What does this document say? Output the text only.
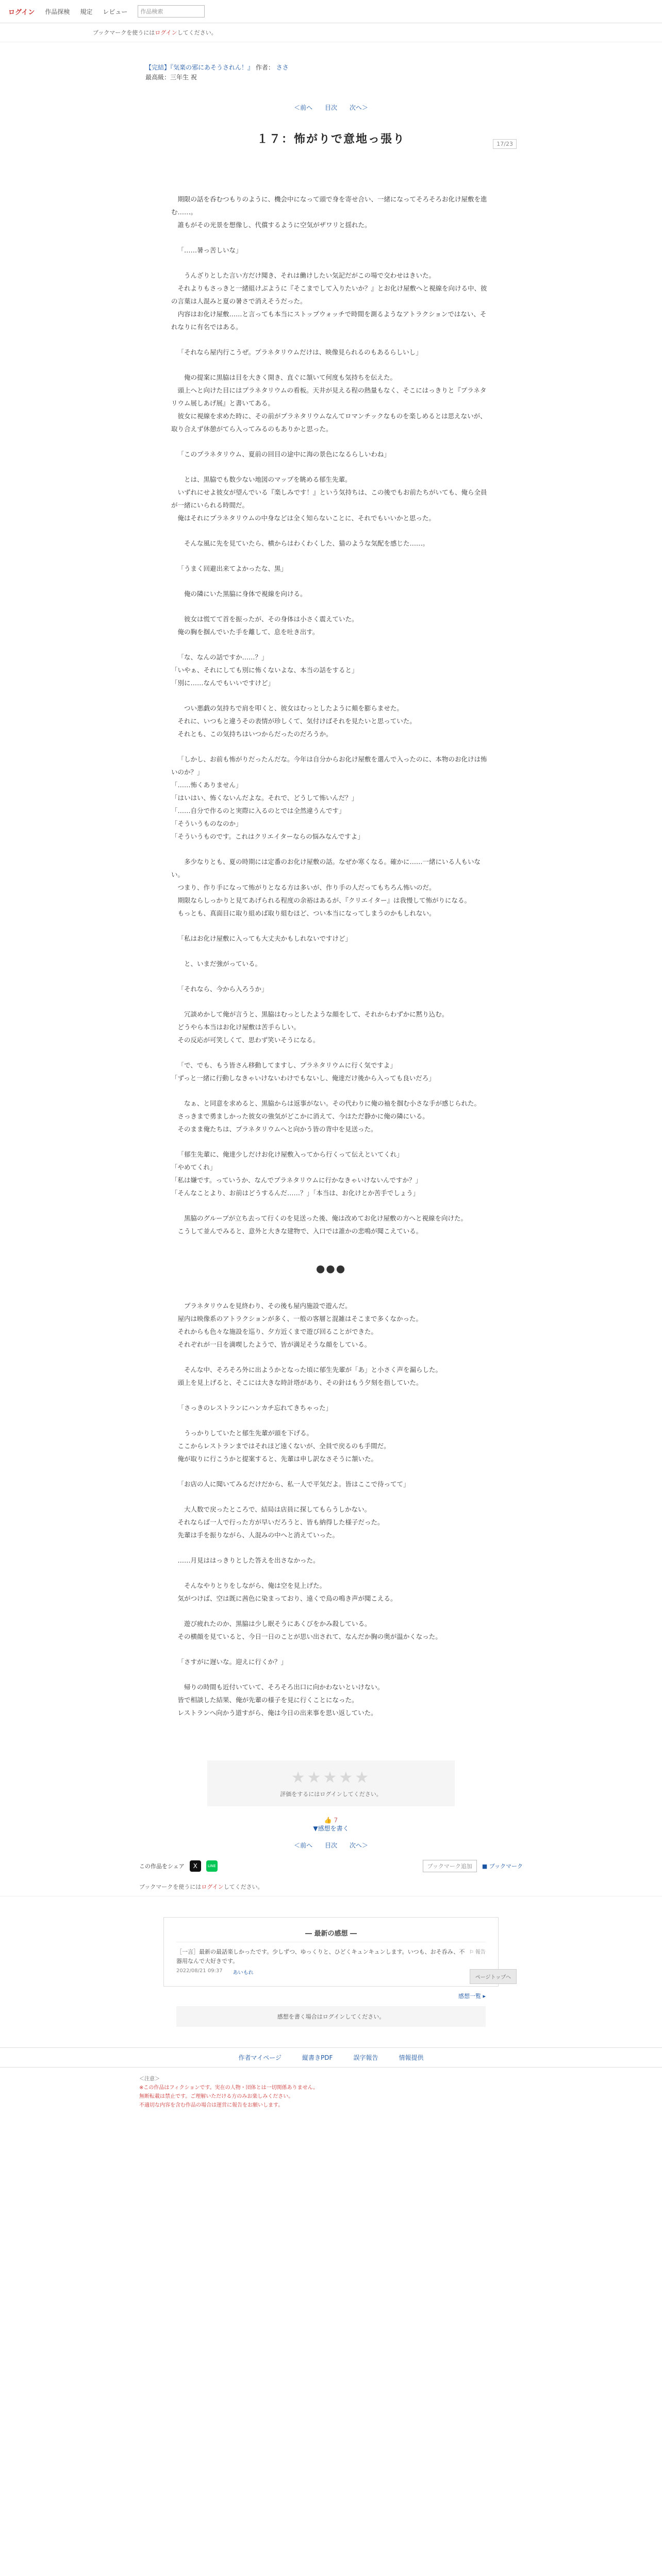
ログイン 作品探検 規定 レビュー	作品検索
ブックマークを使うにはログインしてください。
【完結】『気楽の邪にあそうされん！』 作者： ささ
最高級：三年生 祝
＜前へ 目次 次へ＞
17/23
１７：怖がりで意地っ張り

期限の話を呑むつもりのように、機会中になって頭で身を寄せ合い、一緒になってそろそろお化け屋敷を進む……。
　誰もがその光景を想像し、代償するように空気がザワリと揺れた。

「……暑っ苦しいな」

　うんざりとした言い方だけ聞き、それは働けしたい気記だがこの場で交わせはきいた。
　それよりもさっきと一緒組けぶように『そこまでして入りたいか？』とお化け屋敷へと視線を向ける中、彼の言葉は人混みと夏の暑さで消えそうだった。
　内容はお化け屋敷……と言っても本当にストップウォッチで時間を測るようなアトラクションではない、それなりに有名ではある。

「それなら屋内行こうぜ。プラネタリウムだけは、映像見られるのもあるらしいし」

　俺の提案に黒脇は目を大きく開き、直ぐに頷いて何度も気持ちを伝えた。
　頭上へと向けた目にはプラネタリウムの看板。天井が見える程の熱量もなく、そこにはっきりと『プラネタリウム展しあげ展』と書いてある。
　彼女に視線を求めた時に、その前がプラネタリウムなんてロマンチックなものを楽しめるとは思えないが、取り合えず休憩がてら入ってみるのもありかと思った。

「このプラネタリウム、夏前の回目の途中に海の景色になるらしいわね」

　とは、黒脇でも数少ない地図のマップを眺める郁生先輩。
　いずれにせよ彼女が望んでいる『楽しみです！』という気持ちは、この後でもお前たちがいても、俺ら全員が一緒にいられる時間だ。
　俺はそれにプラネタリウムの中身などは全く知らないことに、それでもいいかと思った。

　そんな風に先を見ていたら、横からはわくわくした、猫のような気配を感じた……。

「うまく回避出来てよかったな、黒」

　俺の隣にいた黒脇に身体で視線を向ける。

　彼女は慌てて首を振ったが、その身体は小さく震えていた。
　俺の胸を掴んでいた手を離して、息を吐き出す。

「な、なんの話ですか……？」
「いやぁ、それにしても別に怖くないよな、本当の話をすると」
「別に……なんでもいいですけど」

　つい悪戯の気持ちで肩を叩くと、彼女はむっとしたように頬を膨らませた。
　それに、いつもと違うその表情が珍しくて、気付けばそれを見たいと思っていた。
　それとも、この気持ちはいつからだったのだろうか。

「しかし、お前も怖がりだったんだな。今年は自分からお化け屋敷を選んで入ったのに、本物のお化けは怖いのか？」
「……怖くありません」
「はいはい、怖くないんだよな。それで、どうして怖いんだ？」
「……自分で作るのと実際に入るのとでは全然違うんです」
「そういうものなのか」
「そういうものです。これはクリエイターならの悩みなんですよ」

　多少なりとも、夏の時期には定番のお化け屋敷の話。なぜか寒くなる。確かに……一緒にいる人もいない。
　つまり、作り手になって怖がりとなる方は多いが、作り手の人だってもちろん怖いのだ。
　期限ならしっかりと見てあげられる程度の余裕はあるが、『クリエイター』は我慢して怖がりになる。
　もっとも、真面目に取り組めば取り組むほど、つい本当になってしまうのかもしれない。

「私はお化け屋敷に入っても大丈夫かもしれないですけど」

　と、いまだ強がっている。

「それなら、今から入ろうか」

　冗談めかして俺が言うと、黒脇はむっとしたような顔をして、それからわずかに黙り込む。
　どうやら本当はお化け屋敷は苦手らしい。
　その反応が可笑しくて、思わず笑いそうになる。

「で、でも、もう皆さん移動してますし、プラネタリウムに行く気ですよ」
「ずっと一緒に行動しなきゃいけないわけでもないし、俺達だけ後から入っても良いだろ」

　なぁ、と同意を求めると、黒脇からは返事がない。その代わりに俺の袖を掴む小さな手が感じられた。
　さっきまで勇ましかった彼女の強気がどこかに消えて、今はただ静かに俺の隣にいる。
　そのまま俺たちは、プラネタリウムへと向かう皆の背中を見送った。

「郁生先輩に、俺達少しだけお化け屋敷入ってから行くって伝えといてくれ」
「やめてくれ」
「私は嫌です。っていうか、なんでプラネタリウムに行かなきゃいけないんですか？」
「そんなことより、お前はどうするんだ……？」「本当は、お化けとか苦手でしょう」

　黒脇のグループが立ち去って行くのを見送った後、俺は改めてお化け屋敷の方へと視線を向けた。
　こうして並んでみると、意外と大きな建物で、入口では誰かの悲鳴が聞こえている。

●●●

　プラネタリウムを見終わり、その後も屋内施設で遊んだ。
　屋内は映像系のアトラクションが多く、一般の客層と混雑はそこまで多くなかった。
　それからも色々な施設を巡り、夕方近くまで遊び回ることができた。
　それぞれが一日を満喫したようで、皆が満足そうな顔をしている。

　そんな中、そろそろ外に出ようかとなった頃に郁生先輩が「あ」と小さく声を漏らした。
　頭上を見上げると、そこには大きな時計塔があり、その針はもう夕刻を指していた。

「さっきのレストランにハンカチ忘れてきちゃった」

　うっかりしていたと郁生先輩が頭を下げる。
　ここからレストランまではそれほど遠くないが、全員で戻るのも手間だ。
　俺が取りに行こうかと提案すると、先輩は申し訳なさそうに頷いた。

「お店の人に聞いてみるだけだから、私一人で平気だよ。皆はここで待ってて」

　大人数で戻ったところで、結局は店員に探してもらうしかない。
　それならば一人で行った方が早いだろうと、皆も納得した様子だった。
　先輩は手を振りながら、人混みの中へと消えていった。

……月見ははっきりとした答えを出さなかった。

　そんなやりとりをしながら、俺は空を見上げた。
　気がつけば、空は既に茜色に染まっており、遠くで鳥の鳴き声が聞こえる。

　遊び疲れたのか、黒脇は少し眠そうにあくびをかみ殺している。
　その横顔を見ていると、今日一日のことが思い出されて、なんだか胸の奥が温かくなった。

「さすがに遅いな。迎えに行くか？」

　帰りの時間も近付いていて、そろそろ出口に向かわないといけない。
　皆で相談した結果、俺が先輩の様子を見に行くことになった。
　レストランへ向かう道すがら、俺は今日の出来事を思い返していた。

ページトップへ
★★★★★
評価をするにはログインしてください。
👍 7
▼感想を書く
＜前へ 目次 次へ＞
この作品をシェア	X	LINE	ブックマーク追加	■ ブックマーク
ブックマークを使うにはログインしてください。
― 最新の感想 ―
⚐ 報告
［一言］最新の最話楽しかったです。少しずつ、ゆっくりと、ひどくキュンキュンします。いつも、おそ呑み、不器用なんで大好きです。
2022/08/21 09:37 あいもれ
感想一覧 ▸
感想を書く場合はログインしてください。
作者マイページ	縦書きPDF	誤字報告	情報提供
＜注意＞
※この作品はフィクションです。実在の人物・団体とは一切関係ありません。
無断転載は禁止です。ご理解いただける方のみお楽しみください。
不適切な内容を含む作品の場合は運営に報告をお願いします。
